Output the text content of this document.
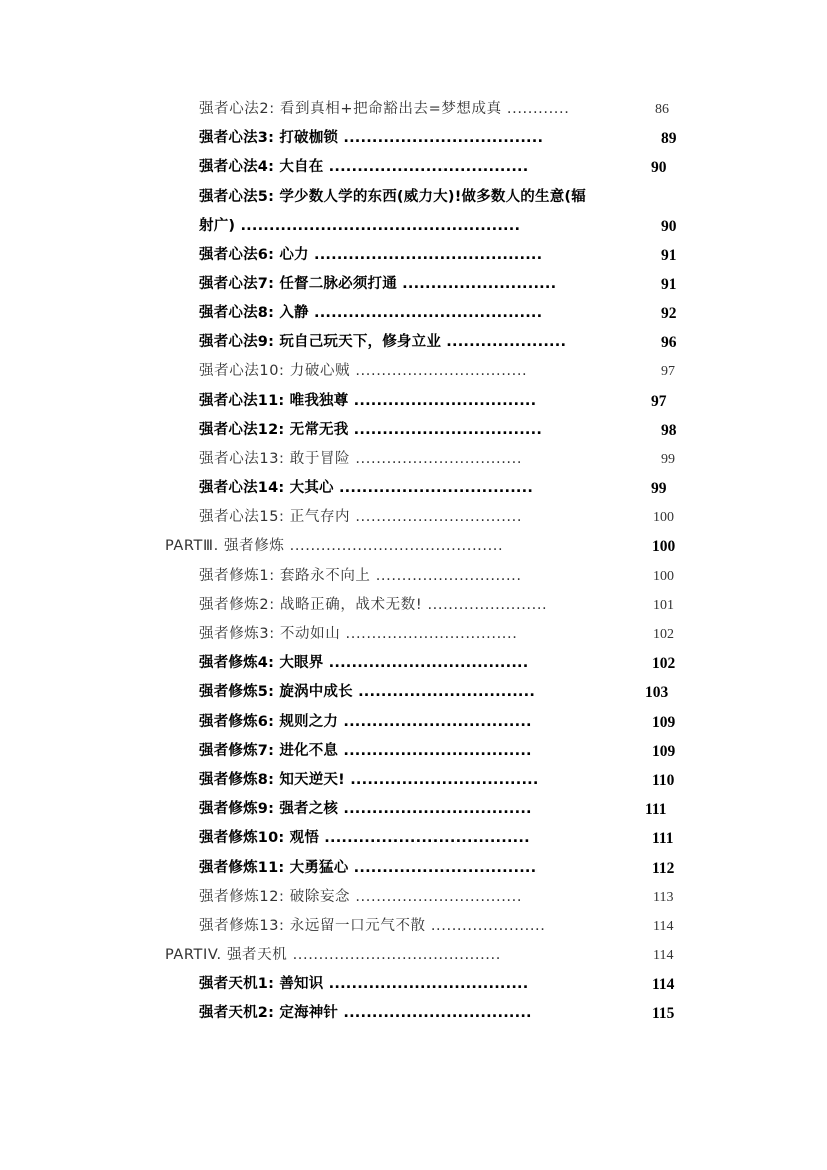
强者心法2: 看到真相+把命豁出去=梦想成真 ............	86
强者心法3: 打破枷锁 ...................................	89
强者心法4: 大自在 ...................................	90
强者心法5: 学少数人学的东西(威力大)!做多数人的生意(辐
射广) .................................................	90
强者心法6: 心力 ........................................	91
强者心法7: 任督二脉必须打通 ...........................	91
强者心法8: 入静 ........................................	92
强者心法9: 玩自己玩天下，修身立业 .....................	96
强者心法10: 力破心贼 .................................	97
强者心法11: 唯我独尊 ................................	97
强者心法12: 无常无我 .................................	98
强者心法13: 敢于冒险 ................................	99
强者心法14: 大其心 ..................................	99
强者心法15: 正气存内 ................................	100
PARTⅢ. 强者修炼 .........................................	100
强者修炼1: 套路永不向上 ............................	100
强者修炼2: 战略正确，战术无数! .......................	101
强者修炼3: 不动如山 .................................	102
强者修炼4: 大眼界 ...................................	102
强者修炼5: 旋涡中成长 ...............................	103
强者修炼6: 规则之力 .................................	109
强者修炼7: 进化不息 .................................	109
强者修炼8: 知天逆天! .................................	110
强者修炼9: 强者之核 .................................	111
强者修炼10: 观悟 ....................................	111
强者修炼11: 大勇猛心 ................................	112
强者修炼12: 破除妄念 ................................	113
强者修炼13: 永远留一口元气不散 ......................	114
PARTIV. 强者天机 ........................................	114
强者天机1: 善知识 ...................................	114
强者天机2: 定海神针 .................................	115
